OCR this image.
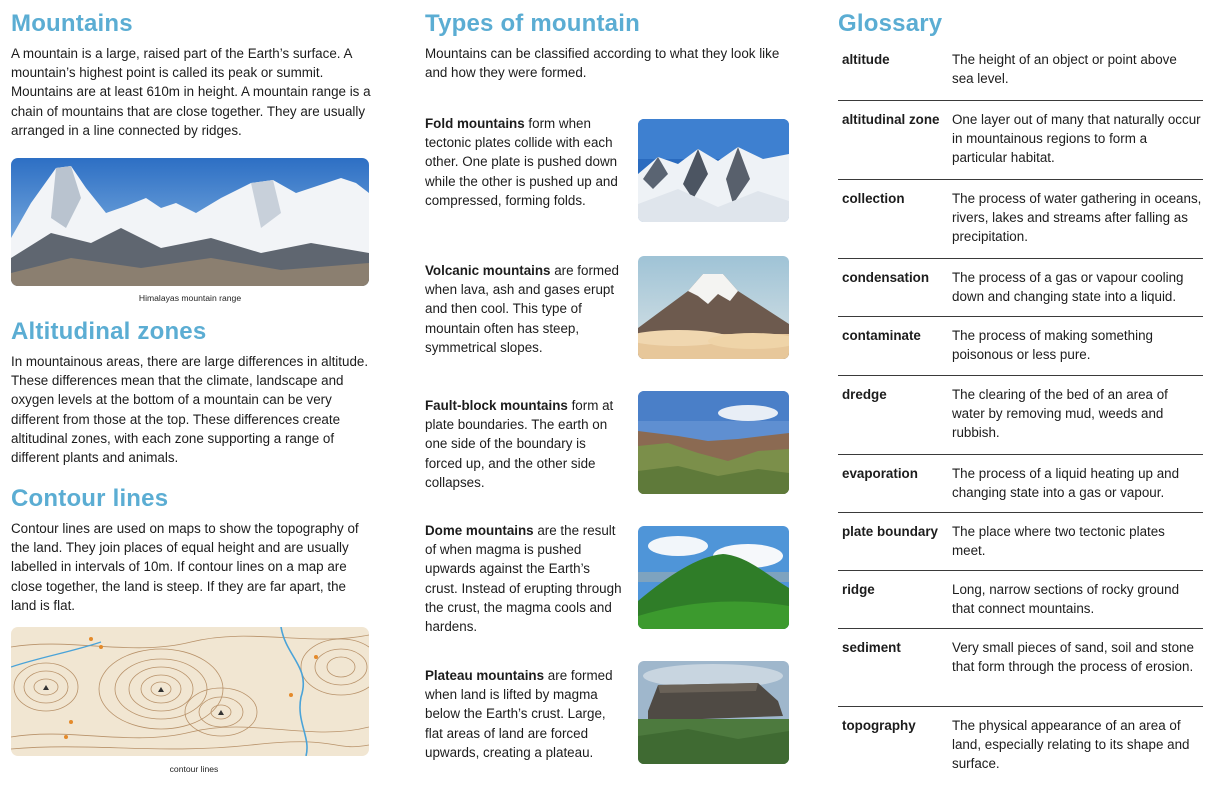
Mountains

A mountain is a large, raised part of the Earth’s surface. A mountain’s highest point is called its peak or summit. Mountains are at least 610m in height. A mountain range is a chain of mountains that are close together. They are usually arranged in a line connected by ridges.

Himalayas mountain range
Altitudinal zones

In mountainous areas, there are large differences in altitude. These differences mean that the climate, landscape and oxygen levels at the bottom of a mountain can be very different from those at the top. These differences create altitudinal zones, with each zone supporting a range of different plants and animals.

Contour lines

Contour lines are used on maps to show the topography of the land. They join places of equal height and are usually labelled in intervals of 10m. If contour lines on a map are close together, the land is steep. If they are far apart, the land is flat.

contour lines
Types of mountain

Mountains can be classified according to what they look like and how they were formed.

Fold mountains form when tectonic plates collide with each other. One plate is pushed down while the other is pushed up and compressed, forming folds.

Volcanic mountains are formed when lava, ash and gases erupt and then cool. This type of mountain often has steep, symmetrical slopes.

Fault-block mountains form at plate boundaries. The earth on one side of the boundary is forced up, and the other side collapses.

Dome mountains are the result of when magma is pushed upwards against the Earth’s crust. Instead of erupting through the crust, the magma cools and hardens.

Plateau mountains are formed when land is lifted by magma below the Earth’s crust. Large, flat areas of land are forced upwards, creating a plateau.

Glossary
altitude	The height of an object or point above sea level.
altitudinal zone One layer out of many that naturally occur in mountainous regions to form a particular habitat.
collection	The process of water gathering in oceans, rivers, lakes and streams after falling as precipitation.
condensation	The process of a gas or vapour cooling down and changing state into a liquid.
contaminate	The process of making something poisonous or less pure.
dredge	The clearing of the bed of an area of water by removing mud, weeds and rubbish.
evaporation	The process of a liquid heating up and changing state into a gas or vapour.
plate boundary	The place where two tectonic plates meet.
ridge	Long, narrow sections of rocky ground that connect mountains.
sediment	Very small pieces of sand, soil and stone that form through the process of erosion.
topography	The physical appearance of an area of land, especially relating to its shape and surface.
